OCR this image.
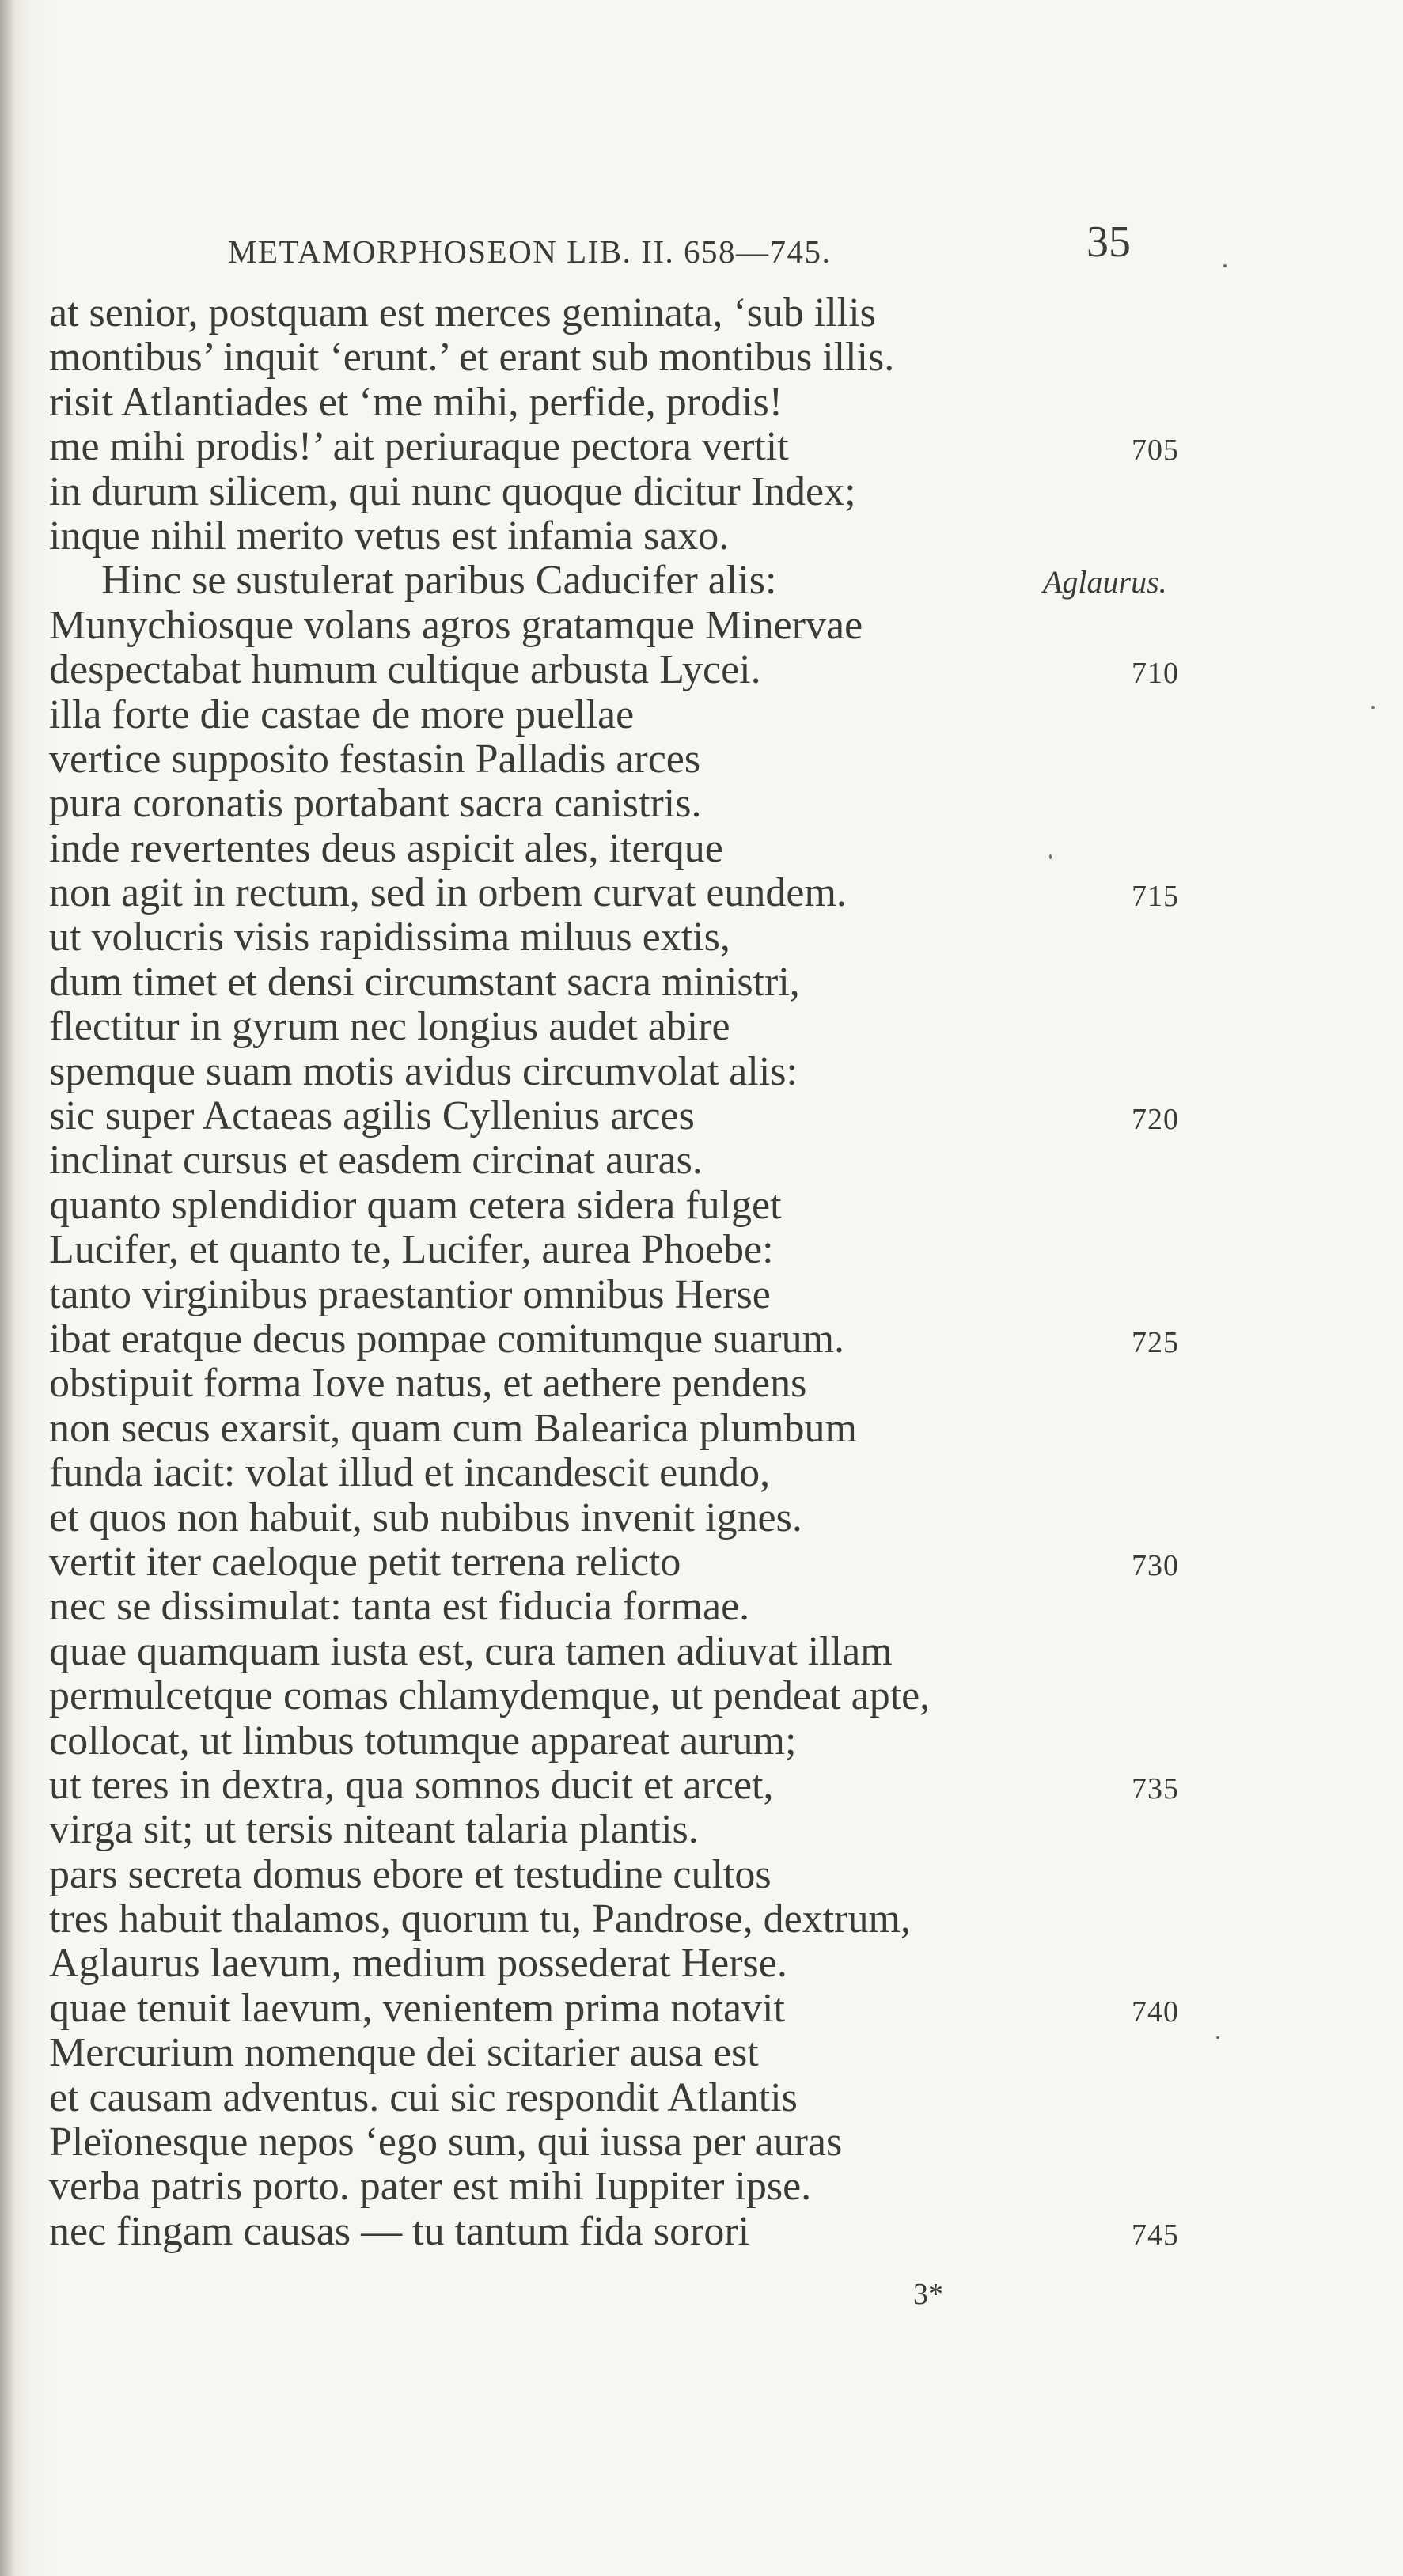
METAMORPHOSEON LIB. II. 658—745.	35
at senior, postquam est merces geminata, ‘sub illis
montibus’ inquit ‘erunt.’ et erant sub montibus illis.
risit Atlantiades et ‘me mihi, perfide, prodis!
me mihi prodis!’ ait periuraque pectora vertit	705
in durum silicem, qui nunc quoque dicitur Index;
inque nihil merito vetus est infamia saxo.
Hinc se sustulerat paribus Caducifer alis:	Aglaurus.
Munychiosque volans agros gratamque Minervae
despectabat humum cultique arbusta Lycei.	710
illa forte die castae de more puellae
vertice supposito festasin Palladis arces
pura coronatis portabant sacra canistris.
inde revertentes deus aspicit ales, iterque
non agit in rectum, sed in orbem curvat eundem.	715
ut volucris visis rapidissima miluus extis,
dum timet et densi circumstant sacra ministri,
flectitur in gyrum nec longius audet abire
spemque suam motis avidus circumvolat alis:
sic super Actaeas agilis Cyllenius arces	720
inclinat cursus et easdem circinat auras.
quanto splendidior quam cetera sidera fulget
Lucifer, et quanto te, Lucifer, aurea Phoebe:
tanto virginibus praestantior omnibus Herse
ibat eratque decus pompae comitumque suarum.	725
obstipuit forma Iove natus, et aethere pendens
non secus exarsit, quam cum Balearica plumbum
funda iacit: volat illud et incandescit eundo,
et quos non habuit, sub nubibus invenit ignes.
vertit iter caeloque petit terrena relicto	730
nec se dissimulat: tanta est fiducia formae.
quae quamquam iusta est, cura tamen adiuvat illam
permulcetque comas chlamydemque, ut pendeat apte,
collocat, ut limbus totumque appareat aurum;
ut teres in dextra, qua somnos ducit et arcet,	735
virga sit; ut tersis niteant talaria plantis.
pars secreta domus ebore et testudine cultos
tres habuit thalamos, quorum tu, Pandrose, dextrum,
Aglaurus laevum, medium possederat Herse.
quae tenuit laevum, venientem prima notavit	740
Mercurium nomenque dei scitarier ausa est
et causam adventus. cui sic respondit Atlantis
Pleïonesque nepos ‘ego sum, qui iussa per auras
verba patris porto. pater est mihi Iuppiter ipse.
nec fingam causas — tu tantum fida sorori	745
3*
